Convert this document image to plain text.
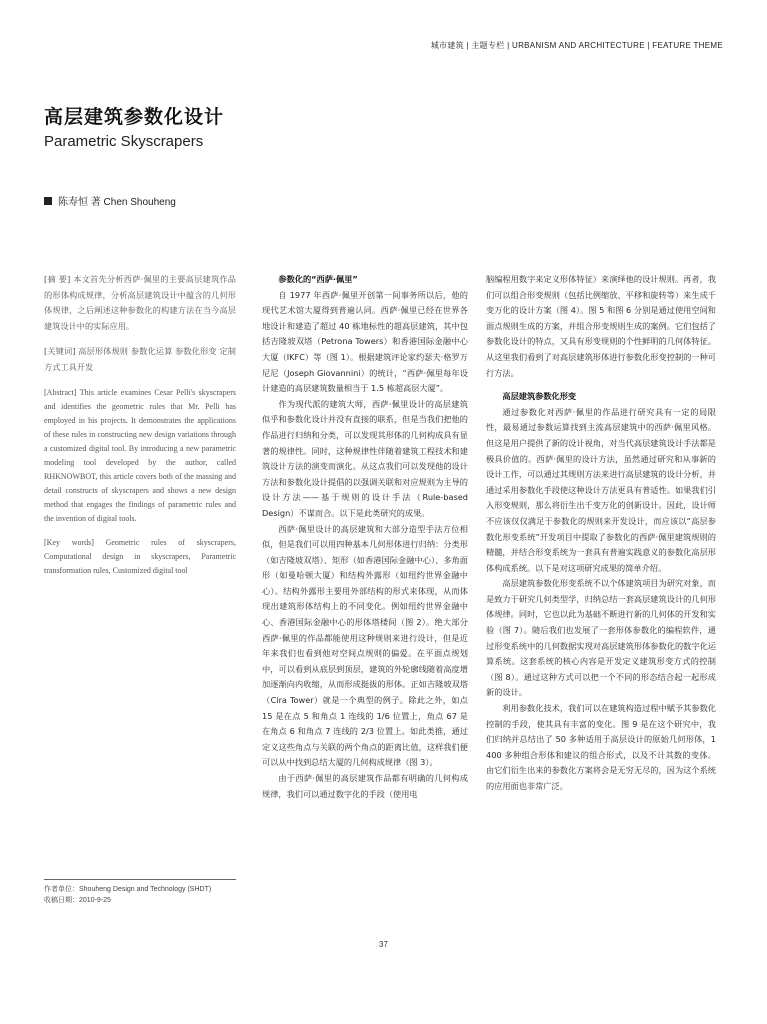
城市建筑 | 主题专栏 | URBANISM AND ARCHITECTURE | FEATURE THEME
高层建筑参数化设计
Parametric Skyscrapers
陈寿恒 著 Chen Shouheng

[摘 要] 本文首先分析西萨·佩里的主要高层建筑作品的形体构成规律，分析高层建筑设计中蕴含的几何形体规律，之后阐述这种参数化的构建方法在当今高层建筑设计中的实际应用。

[关键词] 高层形体规则 参数化运算 参数化形变 定制方式工具开发

[Abstract] This article examines Cesar Pelli's skyscrapers and identifies the geometric rules that Mr. Pelli has employed in his projects. It demonstrates the applications of these rules in constructing new design variations through a customized digital tool. By introducing a new parametric modeling tool developed by the author, called RHKNOWBOT, this article covers both of the massing and detail constructs of skyscrapers and shows a new design method that engages the findings of parametric rules and the invention of digital tools.

[Key words] Geometric rules of skyscrapers, Computational design in skyscrapers, Parametric transformation rules, Customized digital tool

参数化的“西萨·佩里”

自 1977 年西萨·佩里开创第一间事务所以后，他的现代艺术馆大厦得到普遍认同。西萨·佩里已经在世界各地设计和建造了超过 40 栋地标性的超高层建筑，其中包括吉隆坡双塔（Petrona Towers）和香港国际金融中心大厦（IKFC）等（图 1）。根据建筑评论家约瑟夫·格罗万尼尼（Joseph Giovannini）的统计，“西萨·佩里每年设计建造的高层建筑数量相当于 1.5 栋超高层大厦”。

作为现代派的建筑大师，西萨·佩里设计的高层建筑似乎和参数化设计并没有直接的联系，但是当我们把他的作品进行归纳和分类，可以发现其形体的几何构成具有显著的规律性。同时，这种规律性伴随着建筑工程技术和建筑设计方法的演变而演化。从这点我们可以发现他的设计方法和参数化设计提倡的以强调关联和对应规则为主导的设计方法——基于规则的设计手法（Rule-based Design）不谋而合。以下是此类研究的成果。

西萨·佩里设计的高层建筑和大部分造型手法方位相似，但是我们可以用四种基本几何形体进行归纳：分类形（如吉隆坡双塔）、矩形（如香港国际金融中心）、多角面形（如曼哈顿大厦）和结构外露形（如纽约世界金融中心）。结构外露形主要用外部结构的形式来体现，从而体现出建筑形体结构上的不同变化。例如纽约世界金融中心、香港国际金融中心的形体塔楼间（图 2）。绝大部分西萨·佩里的作品都能使用这种规则来进行设计，但是近年来我们也看到他对空间点规则的偏爱。在平面点规划中，可以看到从底层到顶层，建筑的外轮廓线随着高度增加逐渐向内收缩，从而形成挺拔的形体。正如吉隆坡双塔（Cira Tower）就是一个典型的例子。除此之外，如点 15 是在点 5 和角点 1 连线的 1/6 位置上，角点 67 是在角点 6 和角点 7 连线的 2/3 位置上。如此类推，通过定义这些角点与关联的两个角点的距离比值，这样我们便可以从中找到总结大厦的几何构成规律（图 3）。

由于西萨·佩里的高层建筑作品都有明确的几何构成规律，我们可以通过数字化的手段（使用电

脑编程用数字来定义形体特征）来演绎他的设计规则。再者，我们可以组合形变规则（包括比例缩放、平移和旋转等）来生成千变万化的设计方案（图 4）。图 5 和图 6 分别是通过使用空间和面点规则生成的方案，并组合形变规则生成的案例。它们包括了参数化设计的特点，又具有形变规则的个性鲜明的几何体特征。从这里我们看到了对高层建筑形体进行参数化形变控制的一种可行方法。

高层建筑参数化形变

通过参数化对西萨·佩里的作品进行研究具有一定的局限性，最易通过参数运算找到主流高层建筑中的西萨·佩里风格。但这是用户提供了新的设计视角，对当代高层建筑设计手法都是极具价值的。西萨·佩里的设计方法，虽然通过研究和从事新的设计工作，可以通过其规则方法来进行高层建筑的设计分析，并通过采用参数化手段使这种设计方法更具有普适性。如果我们引入形变规则，那么将衍生出千变万化的创新设计。因此，设计师不应该仅仅满足于参数化的规则来开发设计，而应该以“高层参数化形变系统”开发项目中提取了参数化的西萨·佩里建筑规则的精髓，并结合形变系统为一套具有普遍实践意义的参数化高层形体构成系统。以下是对这项研究成果的简单介绍。

高层建筑参数化形变系统不以个体建筑项目为研究对象，而是致力于研究几何类型学，归纳总结一套高层建筑设计的几何形体规律。同时，它也以此为基础不断进行新的几何体的开发和实验（图 7）。随后我们也发展了一套形体参数化的编程软件，通过形变系统中的几何数据实现对高层建筑形体参数化的数字化运算系统。这套系统的核心内容是开发定义建筑形变方式的控制（图 8）。通过这种方式可以把一个不同的形态结合起一起形成新的设计。

利用参数化技术，我们可以在建筑构造过程中赋予其参数化控制的手段，使其具有丰富的变化。图 9 是在这个研究中，我们归纳并总结出了 50 多种适用于高层设计的原始几何形体，1 400 多种组合形体和建议的组合形式，以及不计其数的变体。由它们衍生出来的参数化方案将会是无穷无尽的，因为这个系统的应用面也非常广泛。

作者单位：Shouheng Design and Technology (SHDT)
收稿日期：2010-9-25
37
